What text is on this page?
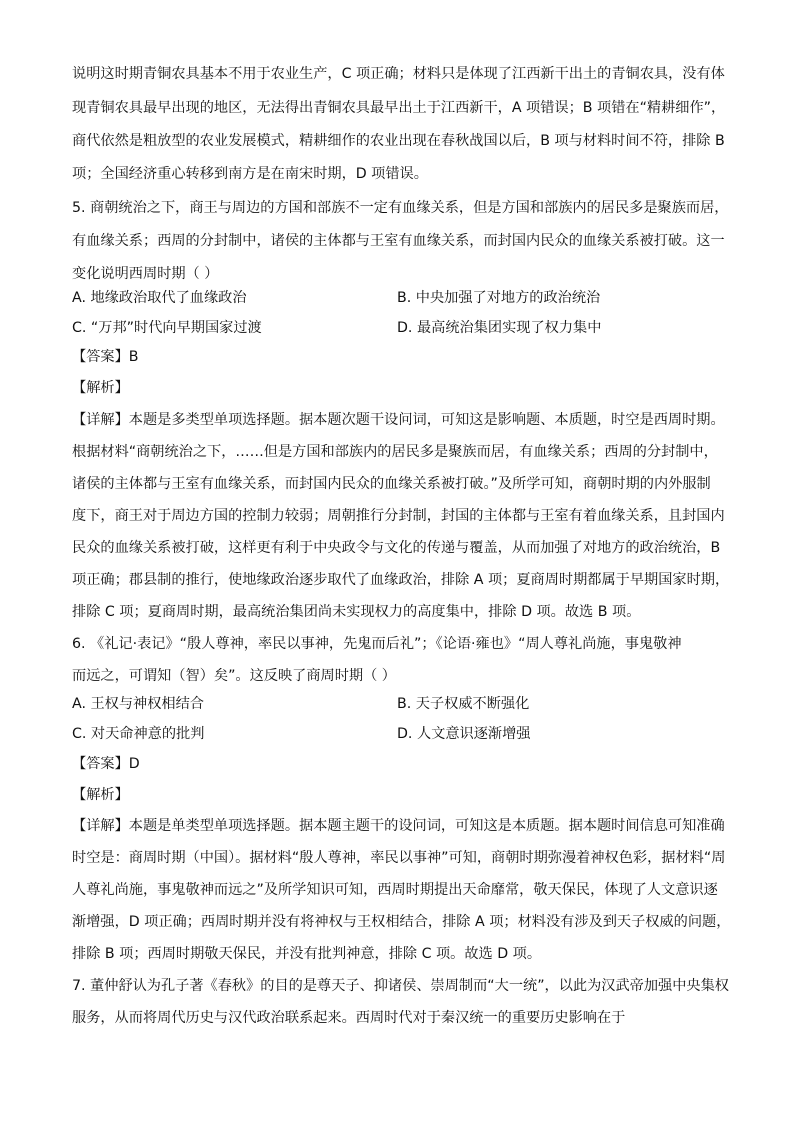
说明这时期青铜农具基本不用于农业生产，C 项正确；材料只是体现了江西新干出土的青铜农具，没有体
现青铜农具最早出现的地区，无法得出青铜农具最早出土于江西新干，A 项错误；B 项错在“精耕细作”，
商代依然是粗放型的农业发展模式，精耕细作的农业出现在春秋战国以后，B 项与材料时间不符，排除 B
项；全国经济重心转移到南方是在南宋时期，D 项错误。
5. 商朝统治之下，商王与周边的方国和部族不一定有血缘关系，但是方国和部族内的居民多是聚族而居，
有血缘关系；西周的分封制中，诸侯的主体都与王室有血缘关系，而封国内民众的血缘关系被打破。这一
变化说明西周时期（ ）
A. 地缘政治取代了血缘政治	B. 中央加强了对地方的政治统治
C. “万邦”时代向早期国家过渡	D. 最高统治集团实现了权力集中
【答案】B
【解析】
【详解】本题是多类型单项选择题。据本题次题干设问词，可知这是影响题、本质题，时空是西周时期。
根据材料“商朝统治之下，……但是方国和部族内的居民多是聚族而居，有血缘关系；西周的分封制中，
诸侯的主体都与王室有血缘关系，而封国内民众的血缘关系被打破。”及所学可知，商朝时期的内外服制
度下，商王对于周边方国的控制力较弱；周朝推行分封制，封国的主体都与王室有着血缘关系，且封国内
民众的血缘关系被打破，这样更有利于中央政令与文化的传递与覆盖，从而加强了对地方的政治统治，B
项正确；郡县制的推行，使地缘政治逐步取代了血缘政治，排除 A 项；夏商周时期都属于早期国家时期，
排除 C 项；夏商周时期，最高统治集团尚未实现权力的高度集中，排除 D 项。故选 B 项。
6. 《礼记·表记》“殷人尊神，率民以事神，先鬼而后礼”；《论语·雍也》“周人尊礼尚施，事鬼敬神
而远之，可谓知（智）矣”。这反映了商周时期（ ）
A. 王权与神权相结合	B. 天子权威不断强化
C. 对天命神意的批判	D. 人文意识逐渐增强
【答案】D
【解析】
【详解】本题是单类型单项选择题。据本题主题干的设问词，可知这是本质题。据本题时间信息可知准确
时空是：商周时期（中国）。据材料“殷人尊神，率民以事神”可知，商朝时期弥漫着神权色彩，据材料“周
人尊礼尚施，事鬼敬神而远之”及所学知识可知，西周时期提出天命靡常，敬天保民，体现了人文意识逐
渐增强，D 项正确；西周时期并没有将神权与王权相结合，排除 A 项；材料没有涉及到天子权威的问题，
排除 B 项；西周时期敬天保民，并没有批判神意，排除 C 项。故选 D 项。
7. 董仲舒认为孔子著《春秋》的目的是尊天子、抑诸侯、崇周制而“大一统”，以此为汉武帝加强中央集权
服务，从而将周代历史与汉代政治联系起来。西周时代对于秦汉统一的重要历史影响在于
